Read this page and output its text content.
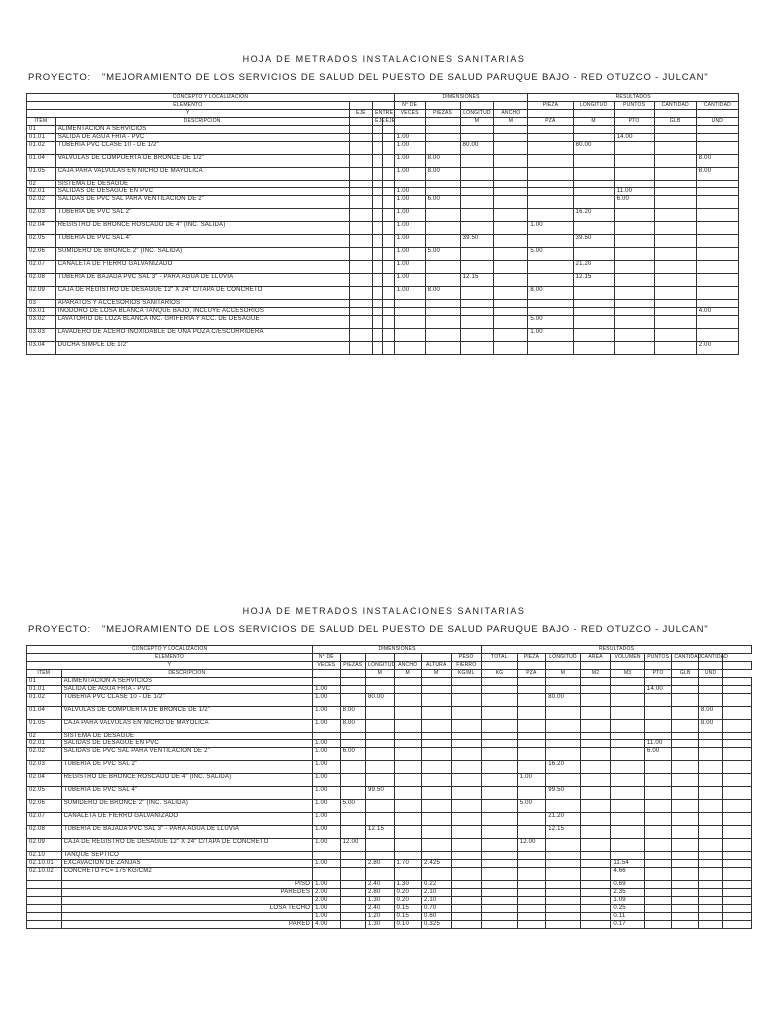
HOJA DE METRADOS INSTALACIONES SANITARIAS
PROYECTO: "MEJORAMIENTO DE LOS SERVICIOS DE SALUD DEL PUESTO DE SALUD PARUQUE BAJO - RED OTUZCO - JULCAN"
CONCEPTO Y LOCALIZACION					DIMENSIONES				RESULTADOS				
ELEMENTO					N° DE				PIEZA	LONGITUD	PUNTOS	CANTIDAD	CANTIDAD
Y		EJE	ENTRE		VECES	PIEZAS	LONGITUD	ANCHO					
ITEM	DESCRIPCION		EJE	EJE			M	M	PZA	M	PTO	GLB	UND
01	ALIMENTACION A SERVICIOS												
01.01	SALIDA DE AGUA FRIA - PVC				1.00						14.00		
01.02	TUBERIA PVC CLASE 10 - DE 1/2"				1.00		80.00			80.00			
01.04	VALVULAS DE COMPUERTA DE BRONCE DE 1/2"				1.00	8.00							8.00
01.05	CAJA PARA VALVULAS EN NICHO DE MAYOLICA				1.00	8.00							8.00
02	SISTEMA DE DESAGUE												
02.01	SALIDAS DE DESAGUE EN PVC				1.00						11.00		
02.02	SALIDAS DE PVC SAL PARA VENTILACION DE 2"				1.00	6.00					6.00		
02.03	TUBERIA DE PVC SAL 2"				1.00					16.20			
02.04	REGISTRO DE BRONCE ROSCADO DE 4" (INC. SALIDA)				1.00				1.00				
02.05	TUBERIA DE PVC SAL 4"				1.00		39.50			39.50			
02.06	SUMIDERO DE BRONCE 2" (INC. SALIDA)				1.00	5.00			5.00				
02.07	CANALETA DE FIERRO GALVANIZADO				1.00					21.20			
02.08	TUBERIA DE BAJADA PVC SAL 3" - PARA AGUA DE LLUVIA				1.00		12.15			12.15			
02.09	CAJA DE REGISTRO DE DESAGUE 12" X 24" C/TAPA DE CONCRETO				1.00	8.00			8.00				
03	APARATOS Y ACCESORIOS SANITARIOS												
03.01	INODORO DE LOSA BLANCA TANQUE BAJO, INCLUYE ACCESORIOS												4.00
03.02	LAVATORIO DE LOZA BLANCA INC. GRIFERIA Y ACC. DE DESAGUE								5.00				
03.03	LAVADERO DE ACERO INOXIDABLE DE UNA POZA C/ESCURRIDERA								1.00				
03.04	DUCHA SIMPLE DE 1/2"												2.00
HOJA DE METRADOS INSTALACIONES SANITARIAS
PROYECTO: "MEJORAMIENTO DE LOS SERVICIOS DE SALUD DEL PUESTO DE SALUD PARUQUE BAJO - RED OTUZCO - JULCAN"
CONCEPTO Y LOCALIZACION		DIMENSIONES						RESULTADOS								
ELEMENTO		N° DE					PESO	TOTAL	PIEZA	LONGITUD	AREA	VOLUMEN	PUNTOS	CANTIDAD	CANTIDAD	
Y		VECES	PIEZAS	LONGITUD	ANCHO	ALTURA	FIERRO									
ITEM	DESCRIPCION			M	M	M	KG/ML	KG	PZA	M	M2	M3	PTO	GLB	UND	
01	ALIMENTACION A SERVICIOS															
01.01	SALIDA DE AGUA FRIA - PVC	1.00											14.00			
01.02	TUBERIA PVC CLASE 10 - DE 1/2"	1.00		80.00						80.00						
01.04	VALVULAS DE COMPUERTA DE BRONCE DE 1/2"	1.00	8.00												8.00	
01.05	CAJA PARA VALVULAS EN NICHO DE MAYOLICA	1.00	8.00												8.00	
02	SISTEMA DE DESAGUE															
02.01	SALIDAS DE DESAGUE EN PVC	1.00											11.00			
02.02	SALIDAS DE PVC SAL PARA VENTILACION DE 2"	1.00	6.00										6.00			
02.03	TUBERIA DE PVC SAL 2"	1.00								16.20						
02.04	REGISTRO DE BRONCE ROSCADO DE 4" (INC. SALIDA)	1.00							1.00							
02.05	TUBERIA DE PVC SAL 4"	1.00		99.50						99.50						
02.06	SUMIDERO DE BRONCE 2" (INC. SALIDA)	1.00	5.00						5.00							
02.07	CANALETA DE FIERRO GALVANIZADO	1.00								21.20						
02.08	TUBERIA DE BAJADA PVC SAL 3" - PARA AGUA DE LLUVIA	1.00		12.15						12.15						
02.09	CAJA DE REGISTRO DE DESAGUE 12" X 24" C/TAPA DE CONCRETO	1.00	12.00						12.00							
02.10	TANQUE SEPTICO															
02.10.01	EXCAVACION DE ZANJAS	1.00		2.80	1.70	2.425						11.54				
02.10.02	CONCRETO FC= 175 KG/CM2											4.66				
	PISO	1.00		2.40	1.30	0.22						0.69				
	PAREDES	2.00		2.80	0.20	2.10						2.35				
		2.00		1.30	0.20	2.10						1.09				
	LOSA TECHO	1.00		2.40	0.15	0.70						0.25				
		1.00		1.20	0.15	0.60						0.11				
	PARED	4.00		1.30	0.10	0.325						0.17				
